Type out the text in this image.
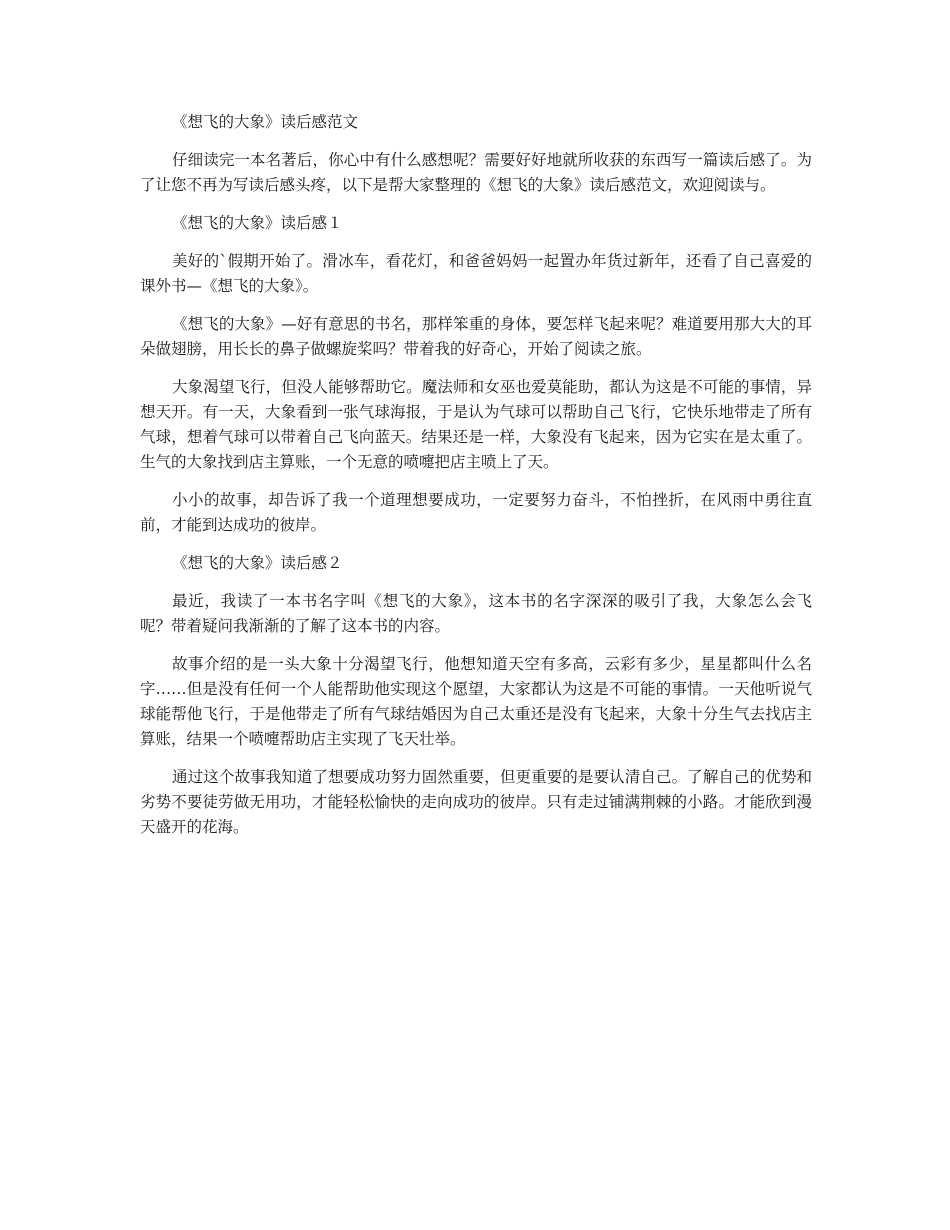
《想飞的大象》读后感范文

仔细读完一本名著后，你心中有什么感想呢？需要好好地就所收获的东西写一篇读后感了。为了让您不再为写读后感头疼，以下是帮大家整理的《想飞的大象》读后感范文，欢迎阅读与。

《想飞的大象》读后感１

美好的`假期开始了。滑冰车，看花灯，和爸爸妈妈一起置办年货过新年，还看了自己喜爱的课外书—《想飞的大象》。

《想飞的大象》—好有意思的书名，那样笨重的身体，要怎样飞起来呢？难道要用那大大的耳朵做翅膀，用长长的鼻子做螺旋桨吗？带着我的好奇心，开始了阅读之旅。

大象渴望飞行，但没人能够帮助它。魔法师和女巫也爱莫能助，都认为这是不可能的事情，异想天开。有一天，大象看到一张气球海报，于是认为气球可以帮助自己飞行，它快乐地带走了所有气球，想着气球可以带着自己飞向蓝天。结果还是一样，大象没有飞起来，因为它实在是太重了。生气的大象找到店主算账，一个无意的喷嚏把店主喷上了天。

小小的故事，却告诉了我一个道理想要成功，一定要努力奋斗，不怕挫折，在风雨中勇往直前，才能到达成功的彼岸。

《想飞的大象》读后感２

最近，我读了一本书名字叫《想飞的大象》，这本书的名字深深的吸引了我，大象怎么会飞呢？带着疑问我渐渐的了解了这本书的内容。

故事介绍的是一头大象十分渴望飞行，他想知道天空有多高，云彩有多少，星星都叫什么名字……但是没有任何一个人能帮助他实现这个愿望，大家都认为这是不可能的事情。一天他听说气球能帮他飞行，于是他带走了所有气球结婚因为自己太重还是没有飞起来，大象十分生气去找店主算账，结果一个喷嚏帮助店主实现了飞天壮举。

通过这个故事我知道了想要成功努力固然重要，但更重要的是要认清自己。了解自己的优势和劣势不要徒劳做无用功，才能轻松愉快的走向成功的彼岸。只有走过铺满荆棘的小路。才能欣到漫天盛开的花海。
